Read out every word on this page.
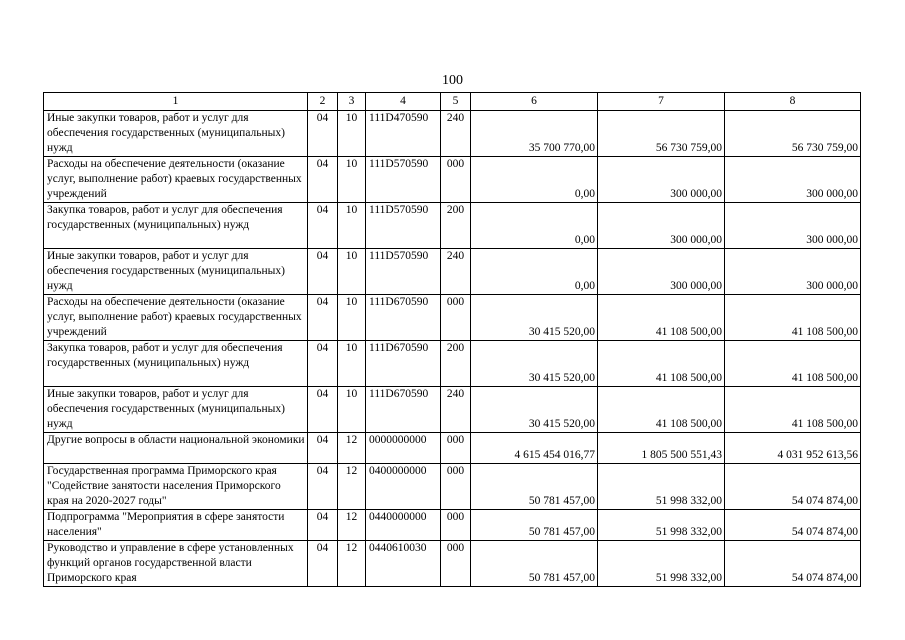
100
1	2	3	4	5	6	7	8
Иные закупки товаров, работ и услуг для обеспечения государственных (муниципальных) нужд	04	10	111D470590	240	35 700 770,00	56 730 759,00	56 730 759,00
Расходы на обеспечение деятельности (оказание услуг, выполнение работ) краевых государственных учреждений	04	10	111D570590	000	0,00	300 000,00	300 000,00
Закупка товаров, работ и услуг для обеспечения государственных (муниципальных) нужд	04	10	111D570590	200	0,00	300 000,00	300 000,00
Иные закупки товаров, работ и услуг для обеспечения государственных (муниципальных) нужд	04	10	111D570590	240	0,00	300 000,00	300 000,00
Расходы на обеспечение деятельности (оказание услуг, выполнение работ) краевых государственных учреждений	04	10	111D670590	000	30 415 520,00	41 108 500,00	41 108 500,00
Закупка товаров, работ и услуг для обеспечения государственных (муниципальных) нужд	04	10	111D670590	200	30 415 520,00	41 108 500,00	41 108 500,00
Иные закупки товаров, работ и услуг для обеспечения государственных (муниципальных) нужд	04	10	111D670590	240	30 415 520,00	41 108 500,00	41 108 500,00
Другие вопросы в области национальной экономики	04	12	0000000000	000	4 615 454 016,77	1 805 500 551,43	4 031 952 613,56
Государственная программа Приморского края "Содействие занятости населения Приморского края на 2020-2027 годы"	04	12	0400000000	000	50 781 457,00	51 998 332,00	54 074 874,00
Подпрограмма "Мероприятия в сфере занятости населения"	04	12	0440000000	000	50 781 457,00	51 998 332,00	54 074 874,00
Руководство и управление в сфере установленных функций органов государственной власти Приморского края	04	12	0440610030	000	50 781 457,00	51 998 332,00	54 074 874,00
